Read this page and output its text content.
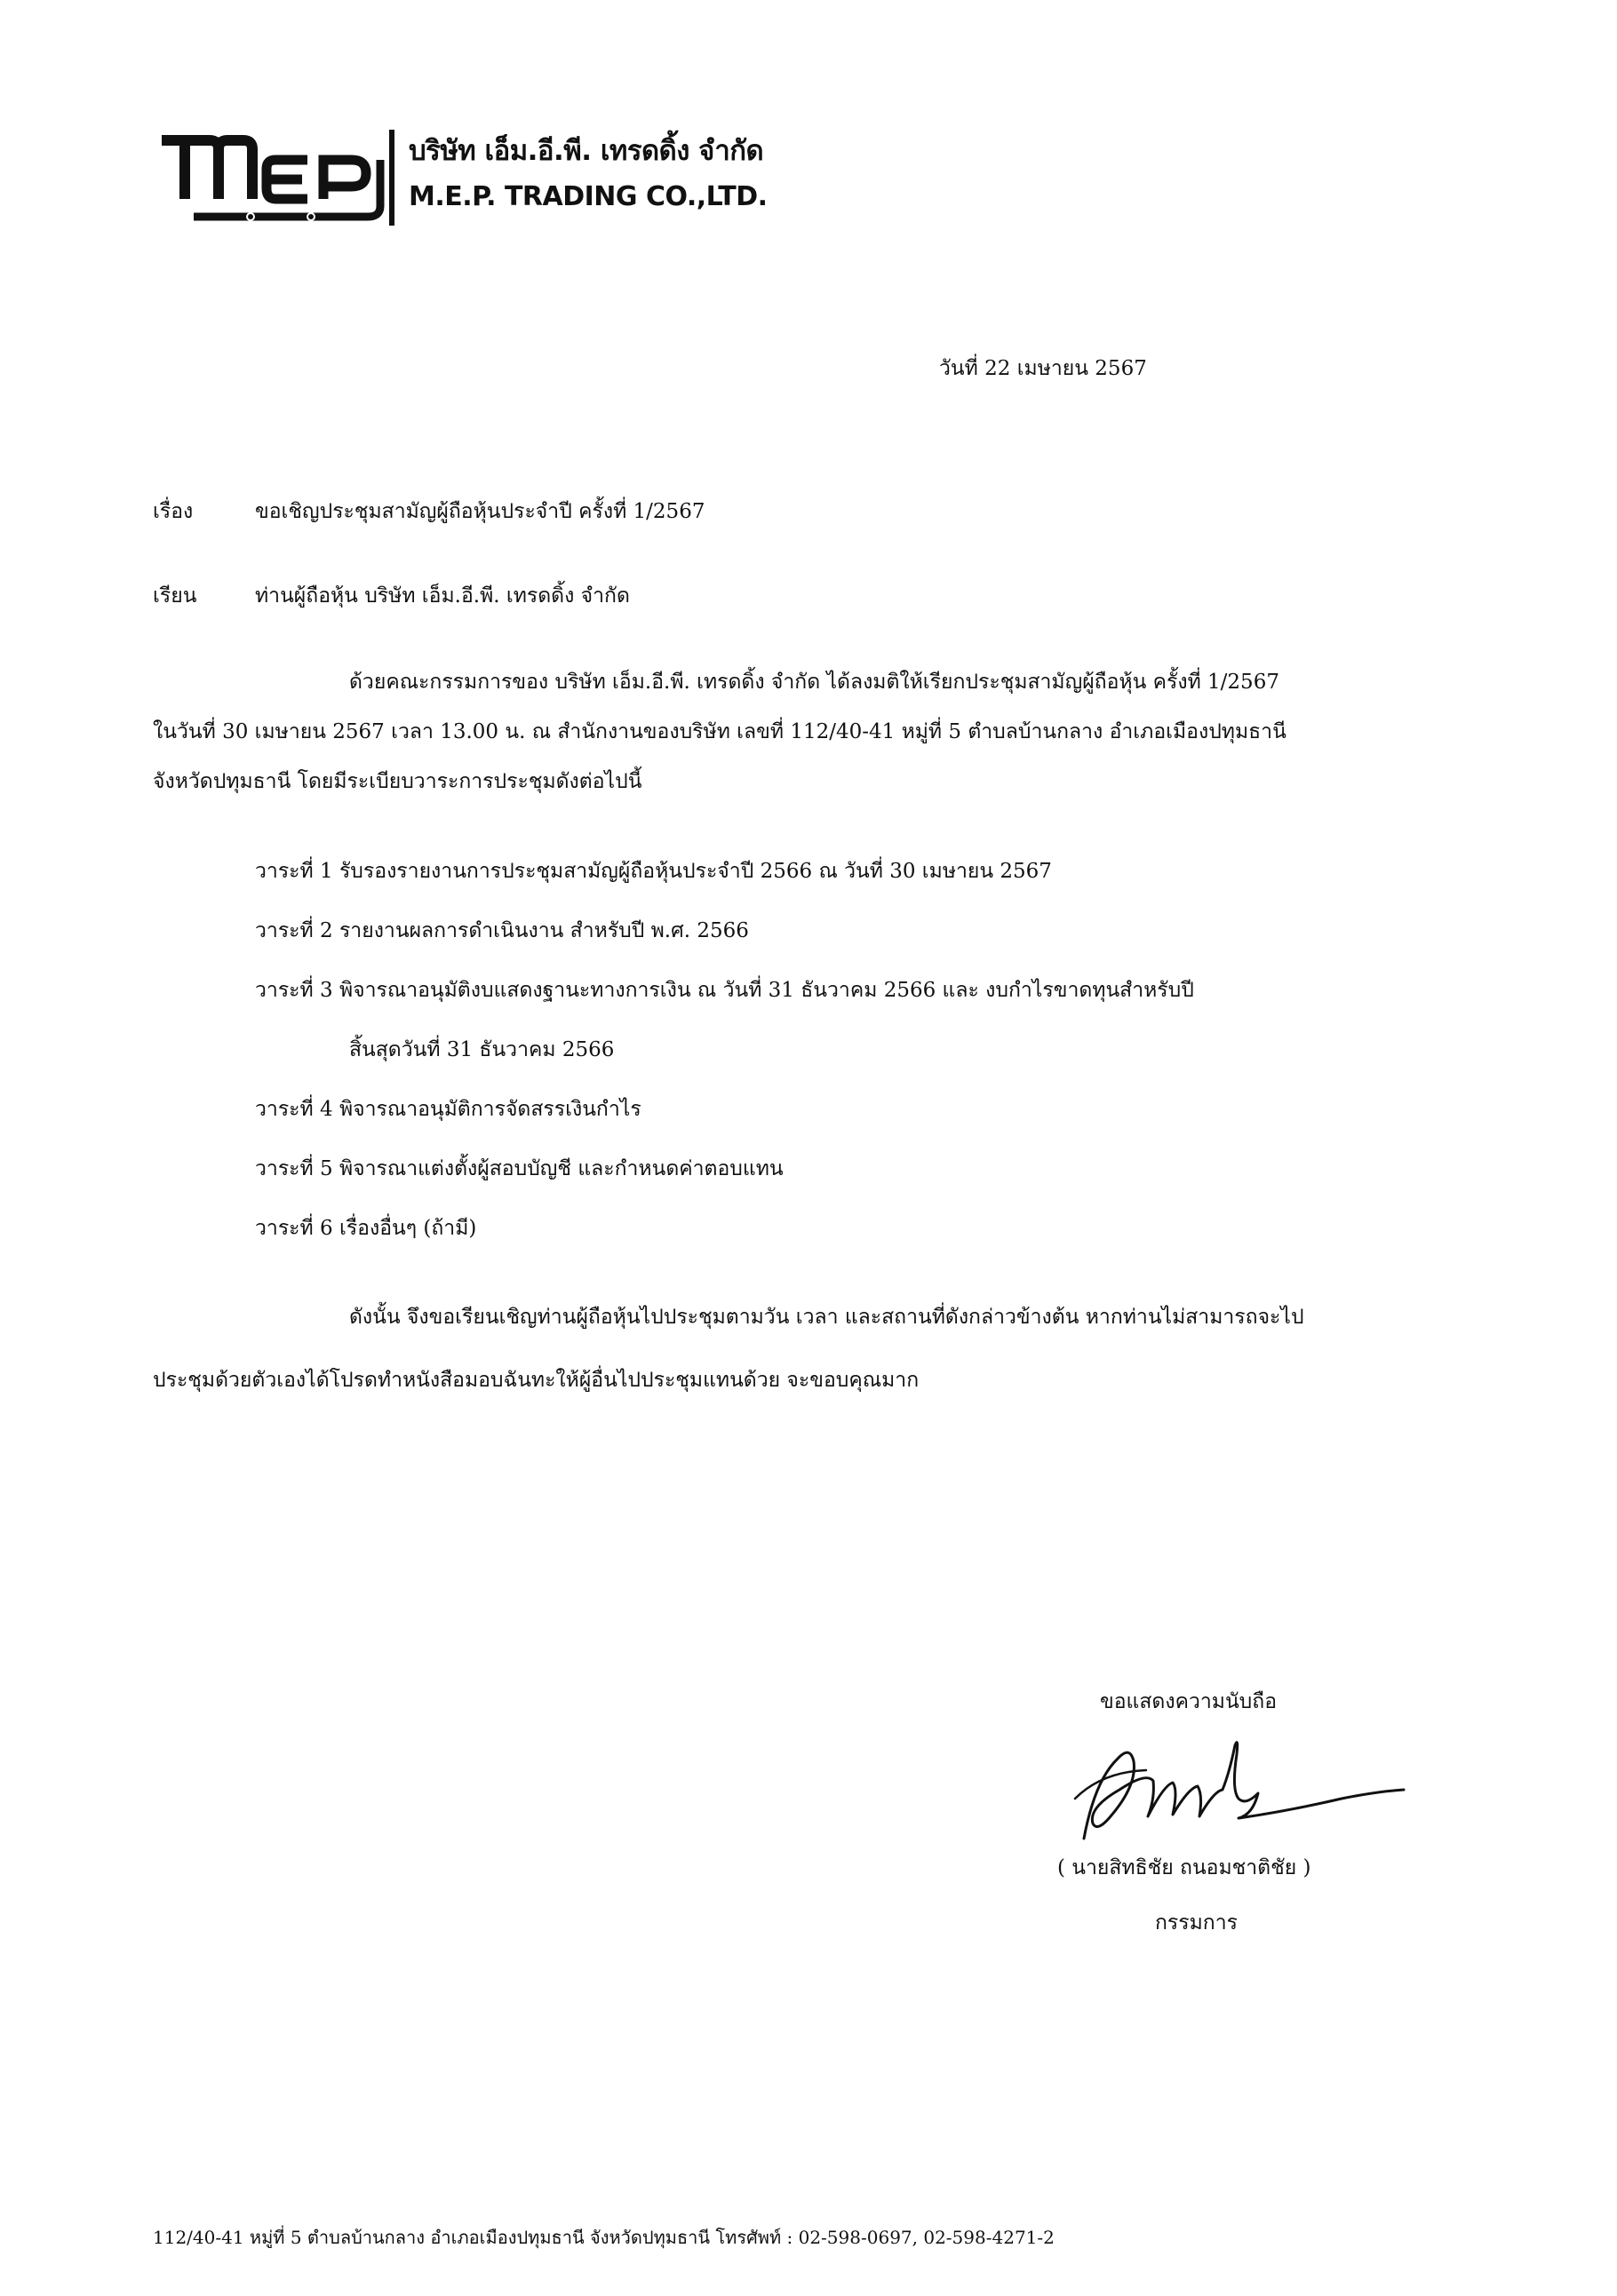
บริษัท เอ็ม.อี.พี. เทรดดิ้ง จำกัด
M.E.P. TRADING CO.,LTD.
วันที่ 22 เมษายน 2567
เรื่อง	ขอเชิญประชุมสามัญผู้ถือหุ้นประจำปี ครั้งที่ 1/2567
เรียน	ท่านผู้ถือหุ้น บริษัท เอ็ม.อี.พี. เทรดดิ้ง จำกัด
ด้วยคณะกรรมการของ บริษัท เอ็ม.อี.พี. เทรดดิ้ง จำกัด ได้ลงมติให้เรียกประชุมสามัญผู้ถือหุ้น ครั้งที่ 1/2567
ในวันที่ 30 เมษายน 2567 เวลา 13.00 น. ณ สำนักงานของบริษัท เลขที่ 112/40-41 หมู่ที่ 5 ตำบลบ้านกลาง อำเภอเมืองปทุมธานี
จังหวัดปทุมธานี โดยมีระเบียบวาระการประชุมดังต่อไปนี้
วาระที่ 1 รับรองรายงานการประชุมสามัญผู้ถือหุ้นประจำปี 2566 ณ วันที่ 30 เมษายน 2567
วาระที่ 2 รายงานผลการดำเนินงาน สำหรับปี พ.ศ. 2566
วาระที่ 3 พิจารณาอนุมัติงบแสดงฐานะทางการเงิน ณ วันที่ 31 ธันวาคม 2566 และ งบกำไรขาดทุนสำหรับปี
สิ้นสุดวันที่ 31 ธันวาคม 2566
วาระที่ 4 พิจารณาอนุมัติการจัดสรรเงินกำไร
วาระที่ 5 พิจารณาแต่งตั้งผู้สอบบัญชี และกำหนดค่าตอบแทน
วาระที่ 6 เรื่องอื่นๆ (ถ้ามี)
ดังนั้น จึงขอเรียนเชิญท่านผู้ถือหุ้นไปประชุมตามวัน เวลา และสถานที่ดังกล่าวข้างต้น หากท่านไม่สามารถจะไป
ประชุมด้วยตัวเองได้โปรดทำหนังสือมอบฉันทะให้ผู้อื่นไปประชุมแทนด้วย จะขอบคุณมาก
ขอแสดงความนับถือ
( นายสิทธิชัย ถนอมชาติชัย )
กรรมการ
112/40-41 หมู่ที่ 5 ตำบลบ้านกลาง อำเภอเมืองปทุมธานี จังหวัดปทุมธานี โทรศัพท์ : 02-598-0697, 02-598-4271-2
